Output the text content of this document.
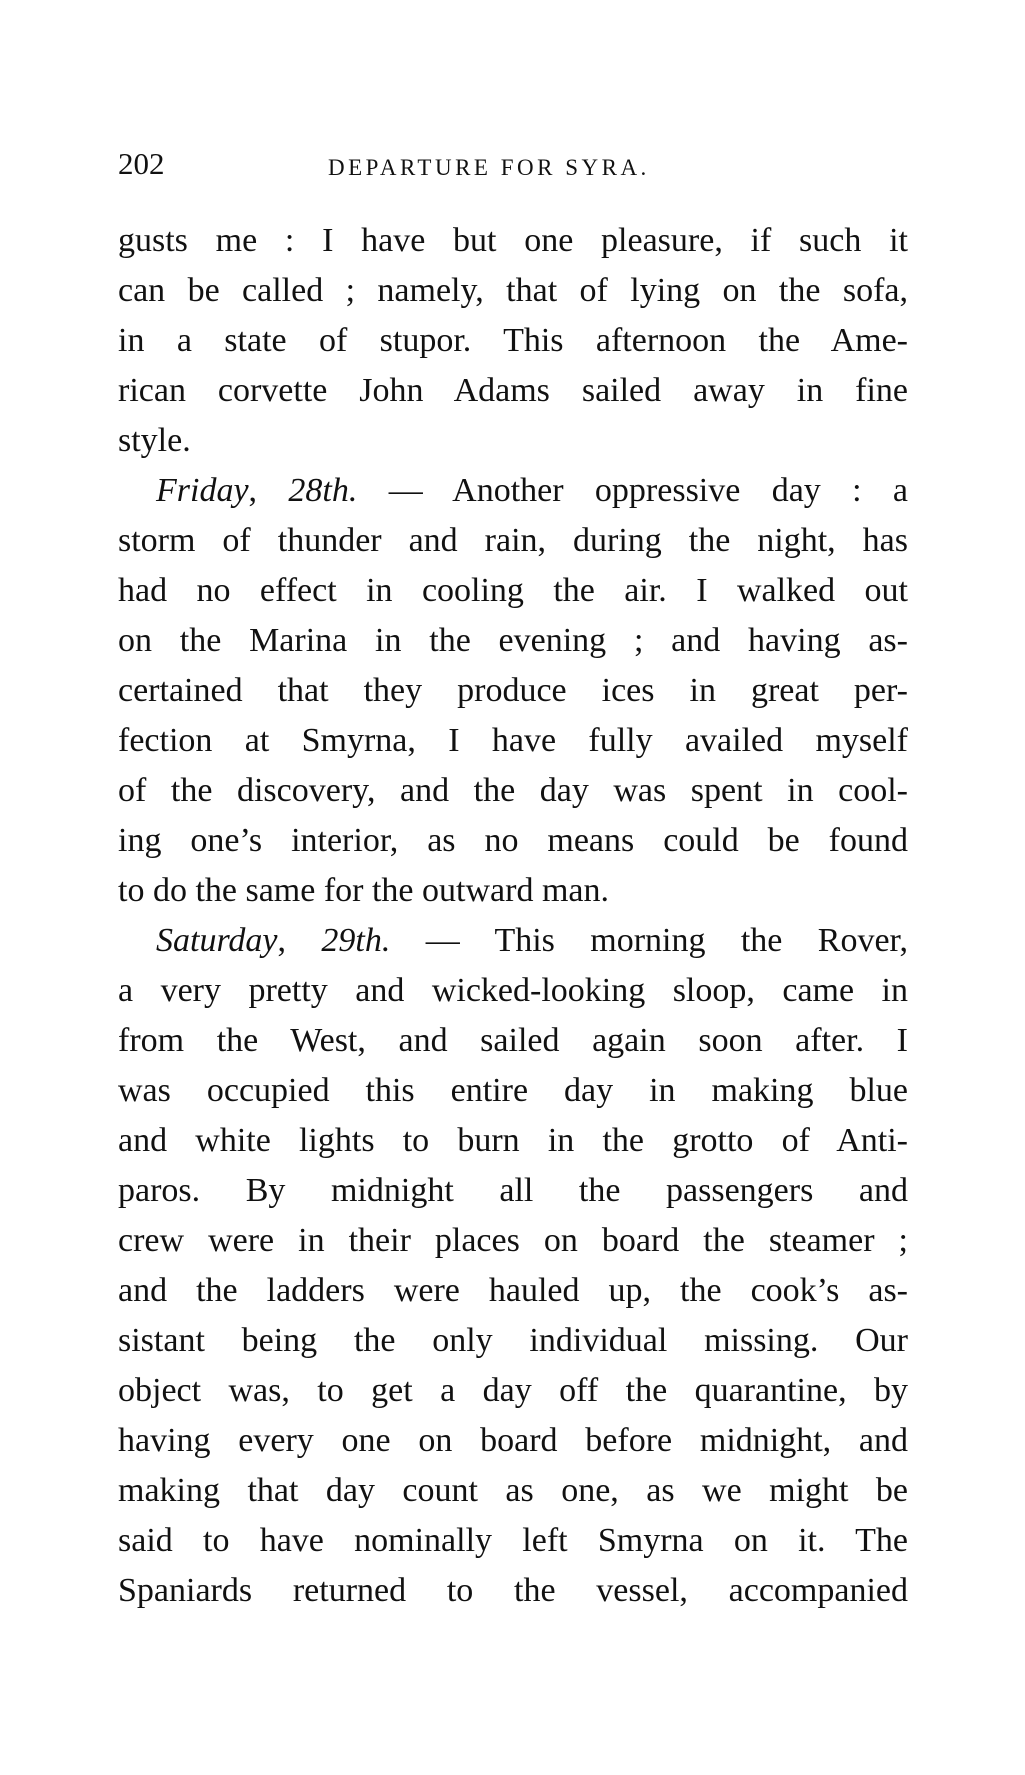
202	DEPARTURE FOR SYRA.
gusts me : I have but one pleasure, if such it
can be called ; namely, that of lying on the sofa,
in a state of stupor. This afternoon the Ame-
rican corvette John Adams sailed away in fine
style.
Friday, 28th. — Another oppressive day : a
storm of thunder and rain, during the night, has
had no effect in cooling the air. I walked out
on the Marina in the evening ; and having as-
certained that they produce ices in great per-
fection at Smyrna, I have fully availed myself
of the discovery, and the day was spent in cool-
ing one’s interior, as no means could be found
to do the same for the outward man.
Saturday, 29th. — This morning the Rover,
a very pretty and wicked-looking sloop, came in
from the West, and sailed again soon after. I
was occupied this entire day in making blue
and white lights to burn in the grotto of Anti-
paros. By midnight all the passengers and
crew were in their places on board the steamer ;
and the ladders were hauled up, the cook’s as-
sistant being the only individual missing. Our
object was, to get a day off the quarantine, by
having every one on board before midnight, and
making that day count as one, as we might be
said to have nominally left Smyrna on it. The
Spaniards returned to the vessel, accompanied
